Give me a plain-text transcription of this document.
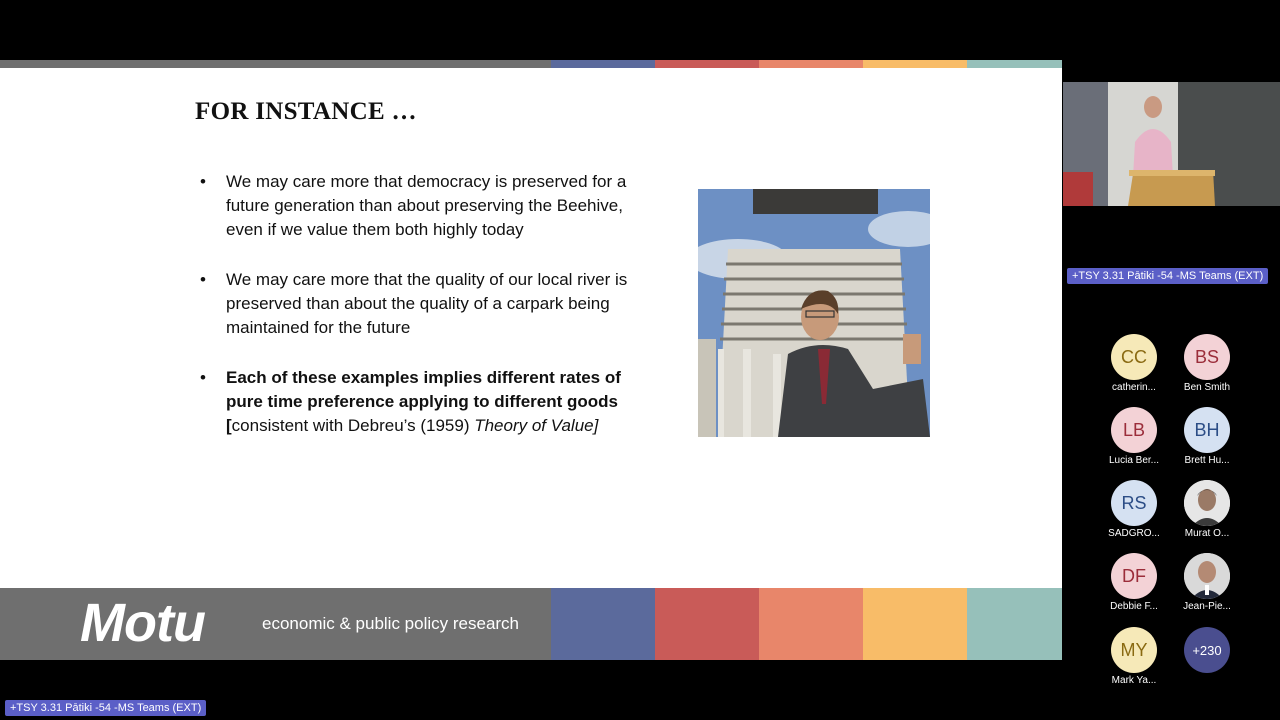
FOR INSTANCE …
• We may care more that democracy is preserved for a future generation than about preserving the Beehive, even if we value them both highly today
• We may care more that the quality of our local river is preserved than about the quality of a carpark being maintained for the future
• Each of these examples implies different rates of pure time preference applying to different goods [consistent with Debreu’s (1959) Theory of Value]
Motu	economic & public policy research
+TSY 3.31 Pātiki -54 -MS Teams (EXT)
CC
catherin...
BS
Ben Smith
LB
Lucia Ber...
BH
Brett Hu...
RS
SADGRO...	Murat O...
DF
Debbie F...	Jean-Pie...
MY
Mark Ya...
+230
+TSY 3.31 Pātiki -54 -MS Teams (EXT)
